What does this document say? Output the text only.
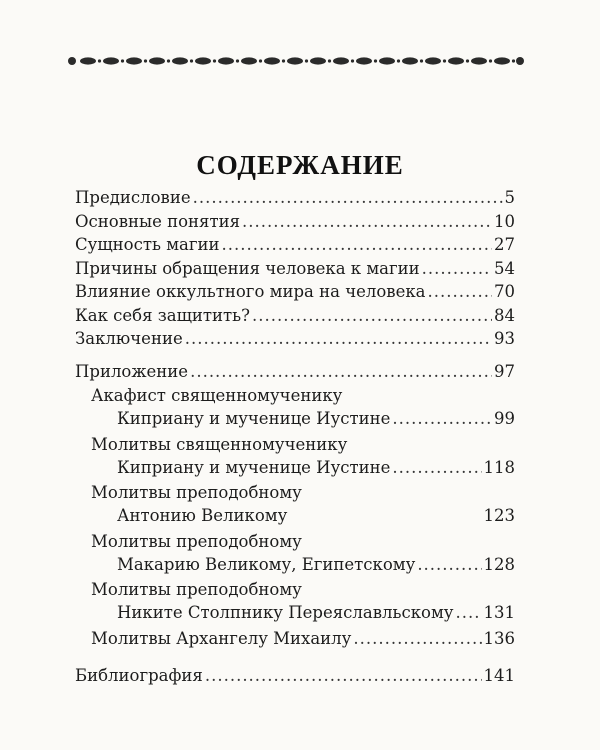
СОДЕРЖАНИЕ
Предисловие .....	5
Основные понятия .....	10
Сущность магии .....	27
Причины обращения человека к магии .....	54
Влияние оккультного мира на человека .....	70
Как себя защитить? .....	84
Заключение .....	93
Приложение .....	97
Акафист священномученику
Киприану и мученице Иустине .....	99
Молитвы священномученику
Киприану и мученице Иустине .....	118
Молитвы преподобному
Антонию Великому	123
Молитвы преподобному
Макарию Великому, Египетскому .....	128
Молитвы преподобному
Никите Столпнику Переяславльскому ..... 131
Молитвы Архангелу Михаилу .....	136
Библиография .....	141
